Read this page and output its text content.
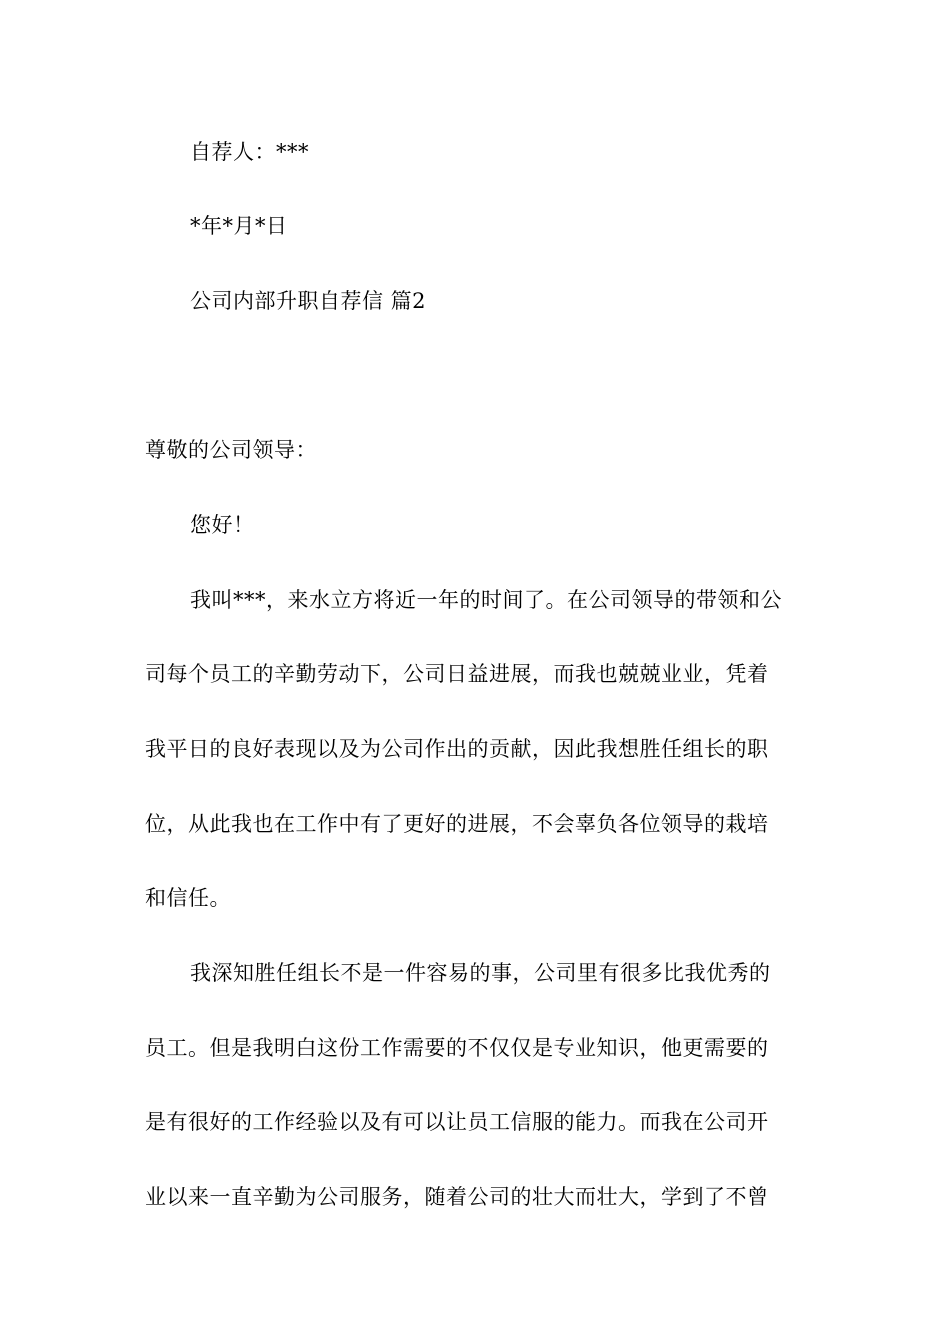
自荐人：***
*年*月*日
公司内部升职自荐信 篇2
尊敬的公司领导：
您好！
我叫***，来水立方将近一年的时间了。在公司领导的带领和公
司每个员工的辛勤劳动下，公司日益进展，而我也兢兢业业，凭着
我平日的良好表现以及为公司作出的贡献，因此我想胜任组长的职
位，从此我也在工作中有了更好的进展，不会辜负各位领导的栽培
和信任。
我深知胜任组长不是一件容易的事，公司里有很多比我优秀的
员工。但是我明白这份工作需要的不仅仅是专业知识，他更需要的
是有很好的工作经验以及有可以让员工信服的能力。而我在公司开
业以来一直辛勤为公司服务，随着公司的壮大而壮大，学到了不曾
